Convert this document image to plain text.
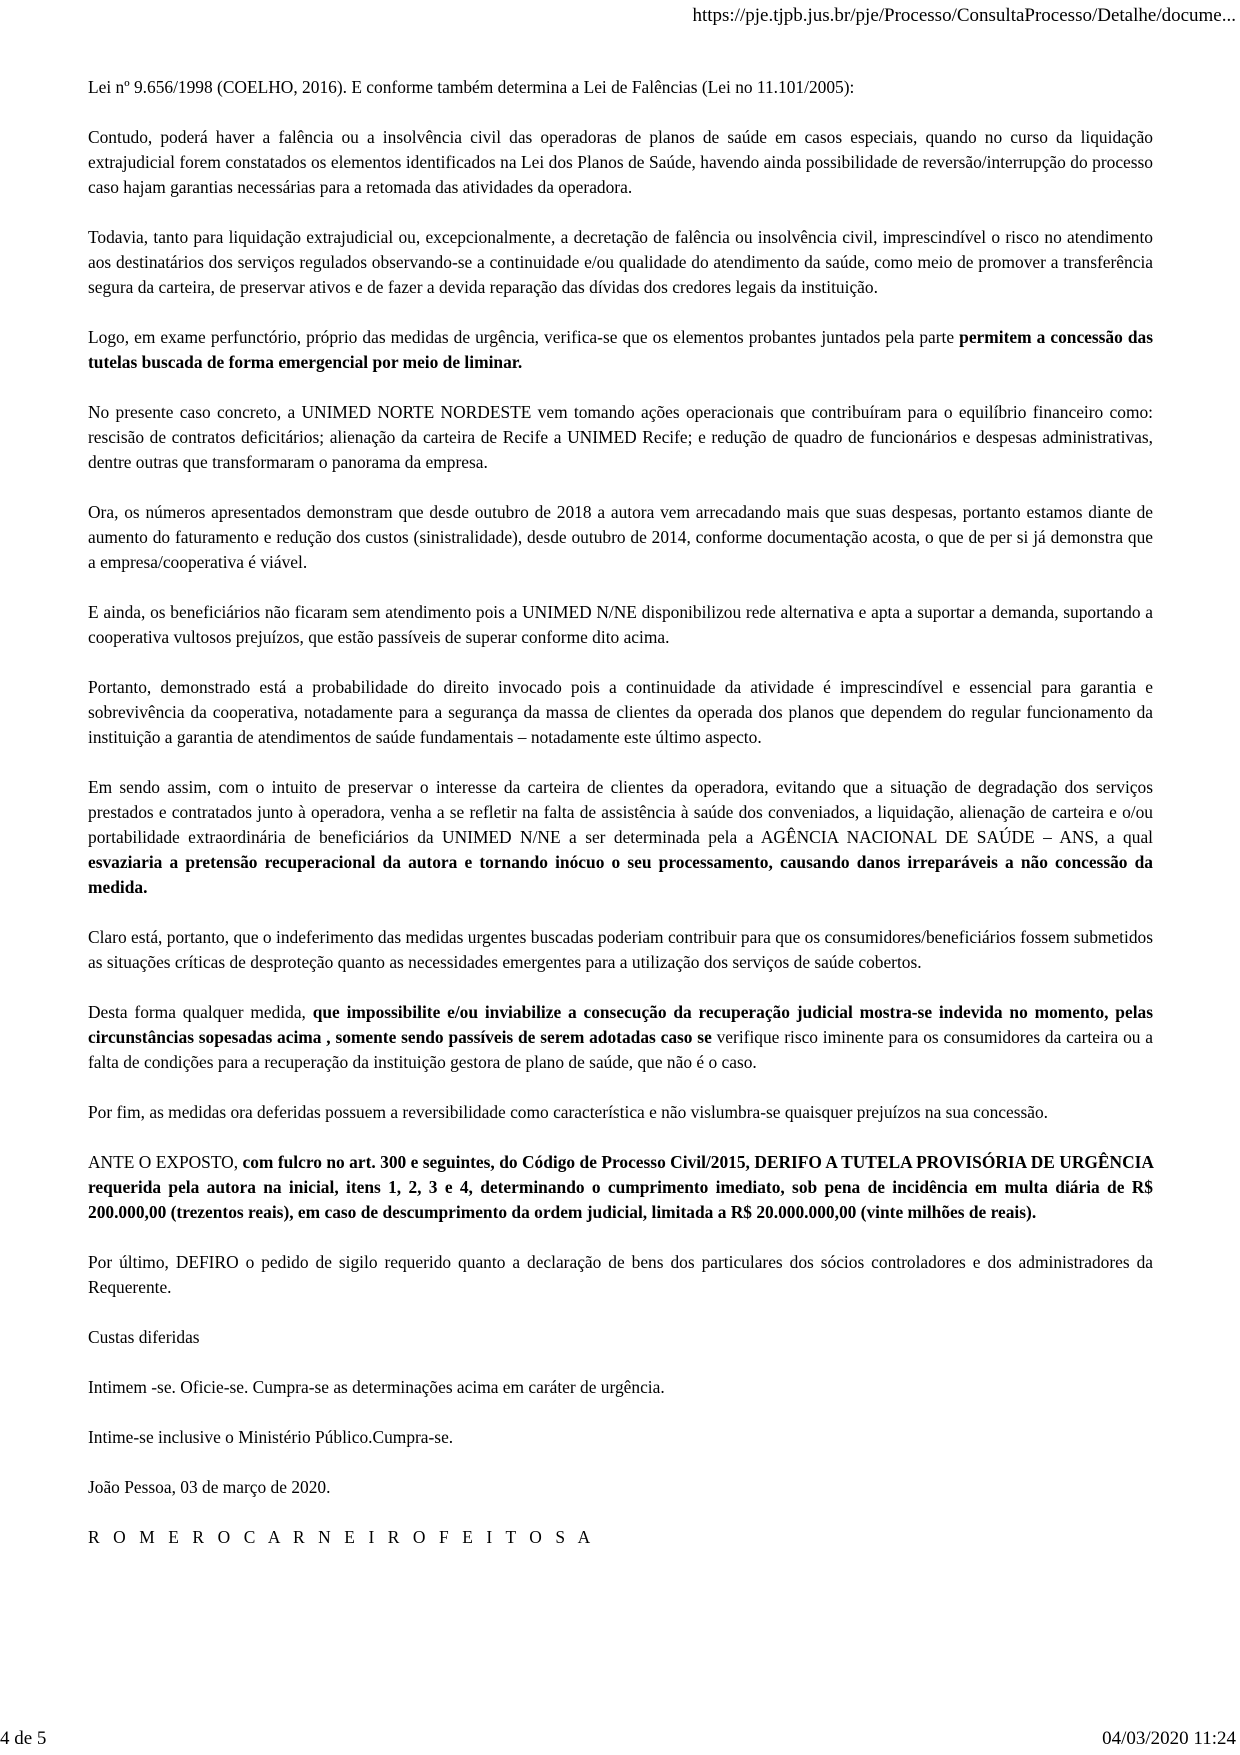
https://pje.tjpb.jus.br/pje/Processo/ConsultaProcesso/Detalhe/docume...

Lei nº 9.656/1998 (COELHO, 2016). E conforme também determina a Lei de Falências (Lei no 11.101/2005):

Contudo, poderá haver a falência ou a insolvência civil das operadoras de planos de saúde em casos especiais, quando no curso da liquidação extrajudicial forem constatados os elementos identificados na Lei dos Planos de Saúde, havendo ainda possibilidade de reversão/interrupção do processo caso hajam garantias necessárias para a retomada das atividades da operadora.

Todavia, tanto para liquidação extrajudicial ou, excepcionalmente, a decretação de falência ou insolvência civil, imprescindível o risco no atendimento aos destinatários dos serviços regulados observando-se a continuidade e/ou qualidade do atendimento da saúde, como meio de promover a transferência segura da carteira, de preservar ativos e de fazer a devida reparação das dívidas dos credores legais da instituição.

Logo, em exame perfunctório, próprio das medidas de urgência, verifica-se que os elementos probantes juntados pela parte permitem a concessão das tutelas buscada de forma emergencial por meio de liminar.

No presente caso concreto, a UNIMED NORTE NORDESTE vem tomando ações operacionais que contribuíram para o equilíbrio financeiro como: rescisão de contratos deficitários; alienação da carteira de Recife a UNIMED Recife; e redução de quadro de funcionários e despesas administrativas, dentre outras que transformaram o panorama da empresa.

Ora, os números apresentados demonstram que desde outubro de 2018 a autora vem arrecadando mais que suas despesas, portanto estamos diante de aumento do faturamento e redução dos custos (sinistralidade), desde outubro de 2014, conforme documentação acosta, o que de per si já demonstra que a empresa/cooperativa é viável.

E ainda, os beneficiários não ficaram sem atendimento pois a UNIMED N/NE disponibilizou rede alternativa e apta a suportar a demanda, suportando a cooperativa vultosos prejuízos, que estão passíveis de superar conforme dito acima.

Portanto, demonstrado está a probabilidade do direito invocado pois a continuidade da atividade é imprescindível e essencial para garantia e sobrevivência da cooperativa, notadamente para a segurança da massa de clientes da operada dos planos que dependem do regular funcionamento da instituição a garantia de atendimentos de saúde fundamentais – notadamente este último aspecto.

Em sendo assim, com o intuito de preservar o interesse da carteira de clientes da operadora, evitando que a situação de degradação dos serviços prestados e contratados junto à operadora, venha a se refletir na falta de assistência à saúde dos conveniados, a liquidação, alienação de carteira e o/ou portabilidade extraordinária de beneficiários da UNIMED N/NE a ser determinada pela a AGÊNCIA NACIONAL DE SAÚDE – ANS, a qual esvaziaria a pretensão recuperacional da autora e tornando inócuo o seu processamento, causando danos irreparáveis a não concessão da medida.

Claro está, portanto, que o indeferimento das medidas urgentes buscadas poderiam contribuir para que os consumidores/beneficiários fossem submetidos as situações críticas de desproteção quanto as necessidades emergentes para a utilização dos serviços de saúde cobertos.

Desta forma qualquer medida, que impossibilite e/ou inviabilize a consecução da recuperação judicial mostra-se indevida no momento, pelas circunstâncias sopesadas acima , somente sendo passíveis de serem adotadas caso se verifique risco iminente para os consumidores da carteira ou a falta de condições para a recuperação da instituição gestora de plano de saúde, que não é o caso.

Por fim, as medidas ora deferidas possuem a reversibilidade como característica e não vislumbra-se quaisquer prejuízos na sua concessão.

ANTE O EXPOSTO, com fulcro no art. 300 e seguintes, do Código de Processo Civil/2015, DERIFO A TUTELA PROVISÓRIA DE URGÊNCIA requerida pela autora na inicial, itens 1, 2, 3 e 4, determinando o cumprimento imediato, sob pena de incidência em multa diária de R$ 200.000,00 (trezentos reais), em caso de descumprimento da ordem judicial, limitada a R$ 20.000.000,00 (vinte milhões de reais).

Por último, DEFIRO o pedido de sigilo requerido quanto a declaração de bens dos particulares dos sócios controladores e dos administradores da Requerente.

Custas diferidas

Intimem -se. Oficie-se. Cumpra-se as determinações acima em caráter de urgência.

Intime-se inclusive o Ministério Público.Cumpra-se.

João Pessoa, 03 de março de 2020.

R O M E R O C A R N E I R O F E I T O S A

4 de 5	04/03/2020 11:24
